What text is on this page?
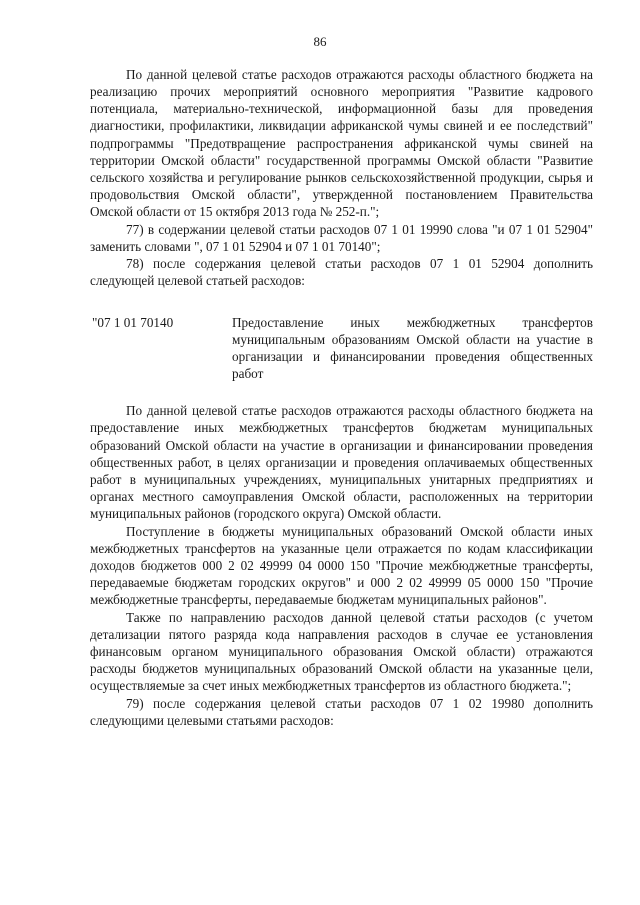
86

По данной целевой статье расходов отражаются расходы областного бюджета на реализацию прочих мероприятий основного мероприятия "Развитие кадрового потенциала, материально-технической, информационной базы для проведения диагностики, профилактики, ликвидации африканской чумы свиней и ее последствий" подпрограммы "Предотвращение распространения африканской чумы свиней на территории Омской области" государственной программы Омской области "Развитие сельского хозяйства и регулирование рынков сельскохозяйственной продукции, сырья и продовольствия Омской области", утвержденной постановлением Правительства Омской области от 15 октября 2013 года № 252-п.";

77) в содержании целевой статьи расходов 07 1 01 19990 слова "и 07 1 01 52904" заменить словами ", 07 1 01 52904 и 07 1 01 70140";

78) после содержания целевой статьи расходов 07 1 01 52904 дополнить следующей целевой статьей расходов:

"07 1 01 70140	Предоставление иных межбюджетных трансфертов муниципальным образованиям Омской области на участие в организации и финансировании проведения общественных работ

По данной целевой статье расходов отражаются расходы областного бюджета на предоставление иных межбюджетных трансфертов бюджетам муниципальных образований Омской области на участие в организации и финансировании проведения общественных работ, в целях организации и проведения оплачиваемых общественных работ в муниципальных учреждениях, муниципальных унитарных предприятиях и органах местного самоуправления Омской области, расположенных на территории муниципальных районов (городского округа) Омской области.

Поступление в бюджеты муниципальных образований Омской области иных межбюджетных трансфертов на указанные цели отражается по кодам классификации доходов бюджетов 000 2 02 49999 04 0000 150 "Прочие межбюджетные трансферты, передаваемые бюджетам городских округов" и 000 2 02 49999 05 0000 150 "Прочие межбюджетные трансферты, передаваемые бюджетам муниципальных районов".

Также по направлению расходов данной целевой статьи расходов (с учетом детализации пятого разряда кода направления расходов в случае ее установления финансовым органом муниципального образования Омской области) отражаются расходы бюджетов муниципальных образований Омской области на указанные цели, осуществляемые за счет иных межбюджетных трансфертов из областного бюджета.";

79) после содержания целевой статьи расходов 07 1 02 19980 дополнить следующими целевыми статьями расходов:
